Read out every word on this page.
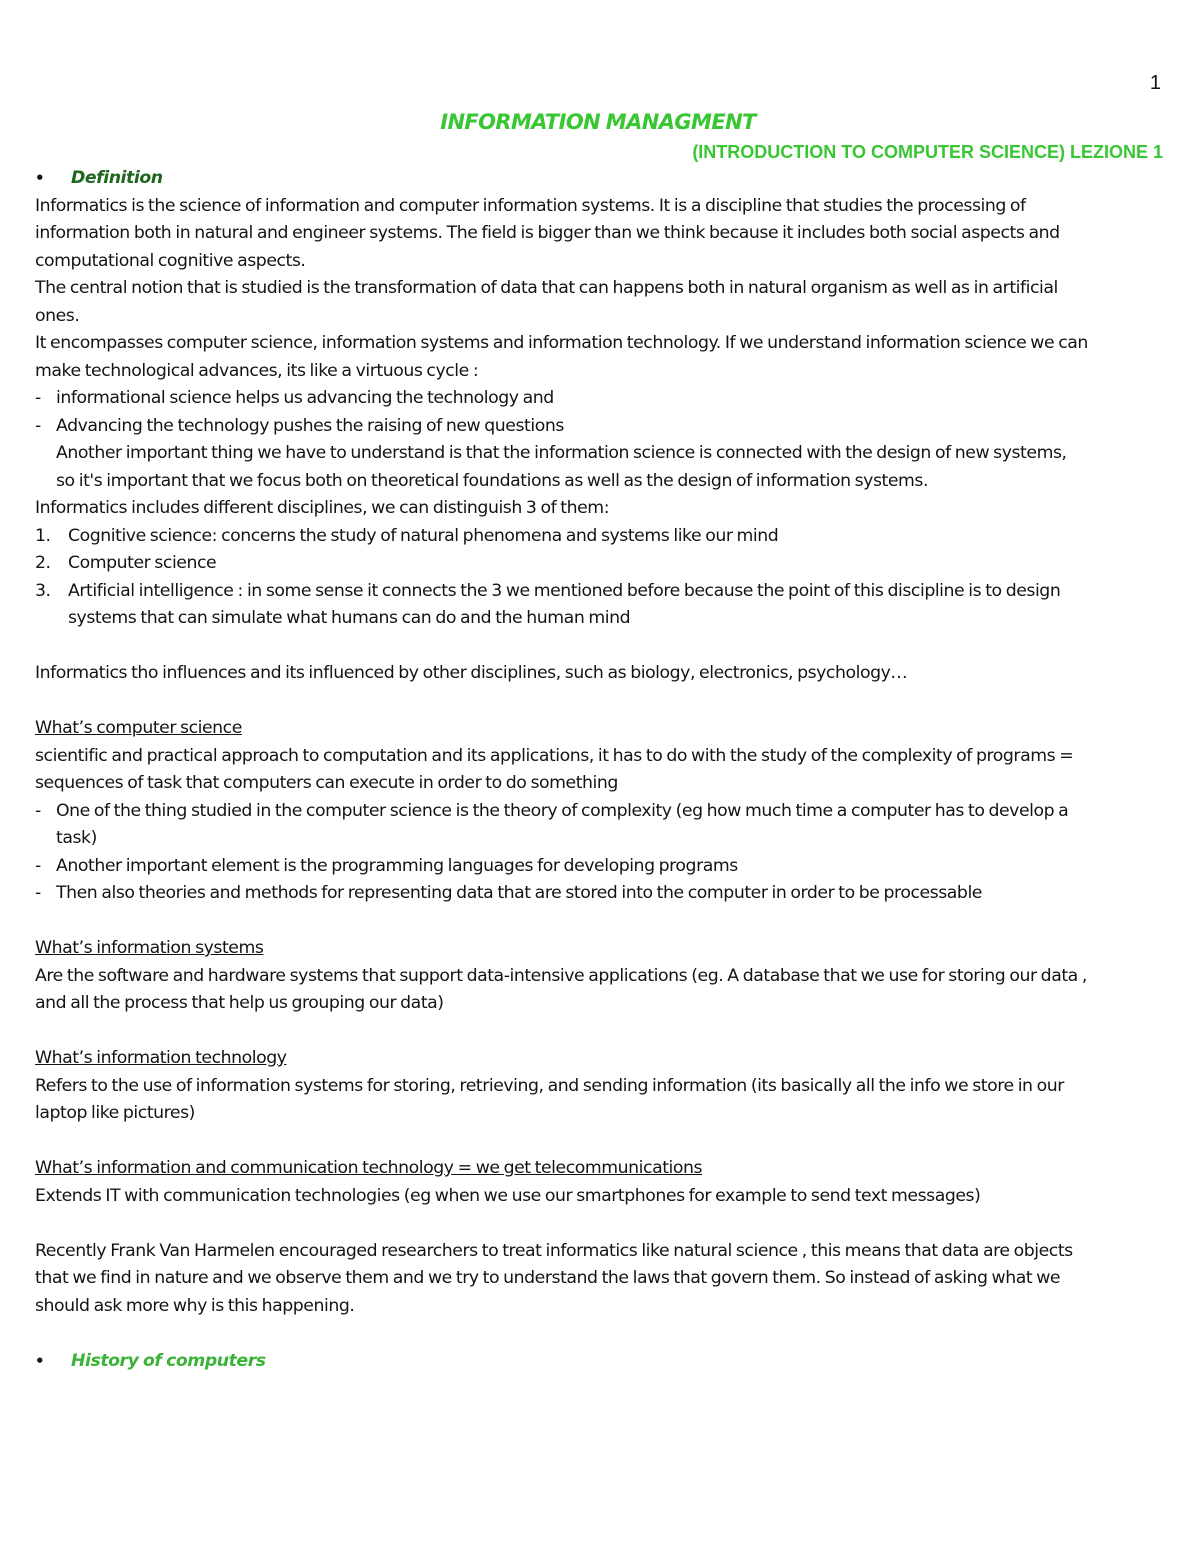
1
INFORMATION MANAGMENT
(INTRODUCTION TO COMPUTER SCIENCE) LEZIONE 1
•	Definition
Informatics is the science of information and computer information systems. It is a discipline that studies the processing of
information both in natural and engineer systems. The field is bigger than we think because it includes both social aspects and
computational cognitive aspects.
The central notion that is studied is the transformation of data that can happens both in natural organism as well as in artificial
ones.
It encompasses computer science, information systems and information technology. If we understand information science we can
make technological advances, its like a virtuous cycle :
- informational science helps us advancing the technology and
- Advancing the technology pushes the raising of new questions
Another important thing we have to understand is that the information science is connected with the design of new systems,
so it's important that we focus both on theoretical foundations as well as the design of information systems.
Informatics includes different disciplines, we can distinguish 3 of them:
1.	Cognitive science: concerns the study of natural phenomena and systems like our mind
2.	Computer science
3.	Artificial intelligence : in some sense it connects the 3 we mentioned before because the point of this discipline is to design
systems that can simulate what humans can do and the human mind
Informatics tho influences and its influenced by other disciplines, such as biology, electronics, psychology…
What’s computer science
scientific and practical approach to computation and its applications, it has to do with the study of the complexity of programs =
sequences of task that computers can execute in order to do something
- One of the thing studied in the computer science is the theory of complexity (eg how much time a computer has to develop a
task)
- Another important element is the programming languages for developing programs
- Then also theories and methods for representing data that are stored into the computer in order to be processable
What’s information systems
Are the software and hardware systems that support data-intensive applications (eg. A database that we use for storing our data ,
and all the process that help us grouping our data)
What’s information technology
Refers to the use of information systems for storing, retrieving, and sending information (its basically all the info we store in our
laptop like pictures)
What’s information and communication technology = we get telecommunications
Extends IT with communication technologies (eg when we use our smartphones for example to send text messages)
Recently Frank Van Harmelen encouraged researchers to treat informatics like natural science , this means that data are objects
that we find in nature and we observe them and we try to understand the laws that govern them. So instead of asking what we
should ask more why is this happening.
•	History of computers
